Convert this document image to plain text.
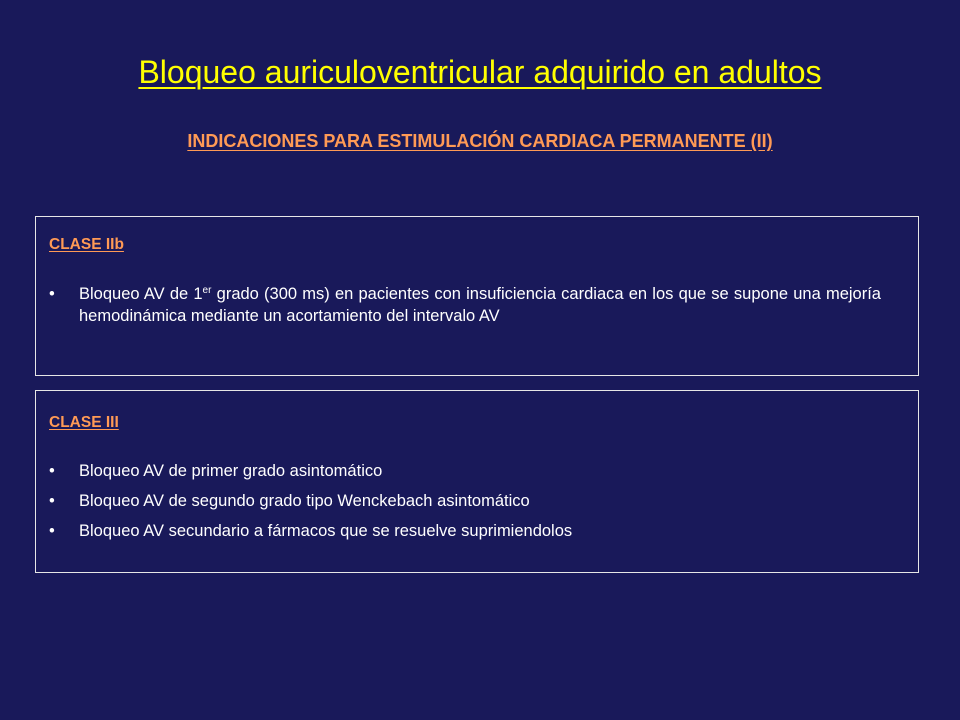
Bloqueo auriculoventricular adquirido en adultos
INDICACIONES PARA ESTIMULACIÓN CARDIACA PERMANENTE (II)
CLASE IIb
• Bloqueo AV de 1er grado (300 ms) en pacientes con insuficiencia cardiaca en los que se supone una mejoría hemodinámica mediante un acortamiento del intervalo AV
CLASE III
• Bloqueo AV de primer grado asintomático
• Bloqueo AV de segundo grado tipo Wenckebach asintomático
• Bloqueo AV secundario a fármacos que se resuelve suprimiendolos
